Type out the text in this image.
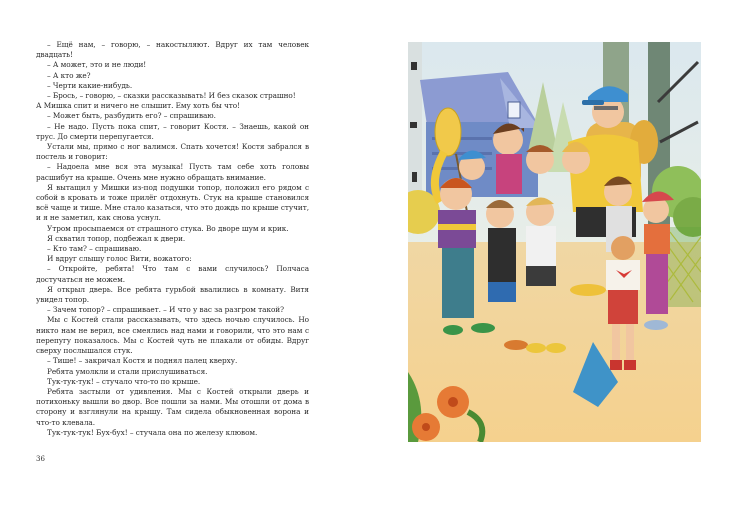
– Ещё нам, – говорю, – накостыляют. Вдруг их там человек двадцать!

– А может, это и не люди!

– А кто же?

– Черти какие-нибудь.

– Брось, – говорю, – сказки рассказывать! И без сказок страшно!

А Мишка спит и ничего не слышит. Ему хоть бы что!

– Может быть, разбудить его? – спрашиваю.

– Не надо. Пусть пока спит, – говорит Костя. – Знаешь, какой он трус. До смерти перепугается.

Устали мы, прямо с ног валимся. Спать хочется! Костя забрался в постель и говорит:

– Надоела мне вся эта музыка! Пусть там себе хоть головы расшибут на крыше. Очень мне нужно обращать внимание.

Я вытащил у Мишки из-под подушки топор, положил его рядом с собой в кровать и тоже прилёг отдохнуть. Стук на крыше становился всё чаще и тише. Мне стало казаться, что это дождь по крыше стучит, и я не заметил, как снова уснул.

Утром просыпаемся от страшного стука. Во дворе шум и крик.

Я схватил топор, подбежал к двери.

– Кто там? – спрашиваю.

И вдруг слышу голос Вити, вожатого:

– Откройте, ребята! Что там с вами случилось? Полчаса достучаться не можем.

Я открыл дверь. Все ребята гурьбой ввалились в комнату. Витя увидел топор.

– Зачем топор? – спрашивает. – И что у вас за разгром такой?

Мы с Костей стали рассказывать, что здесь ночью случилось. Но никто нам не верил, все смеялись над нами и говорили, что это нам с перепугу показалось. Мы с Костей чуть не плакали от обиды. Вдруг сверху послышался стук.

– Тише! – закричал Костя и поднял палец кверху.

Ребята умолкли и стали прислушиваться.

Тук-тук-тук! – стучало что-то по крыше.

Ребята застыли от удивления. Мы с Костей открыли дверь и потихоньку вышли во двор. Все пошли за нами. Мы отошли от дома в сторону и взглянули на крышу. Там сидела обыкновенная ворона и что-то клевала.

Тук-тук-тук! Бух-бух! – стучала она по железу клювом.

36
